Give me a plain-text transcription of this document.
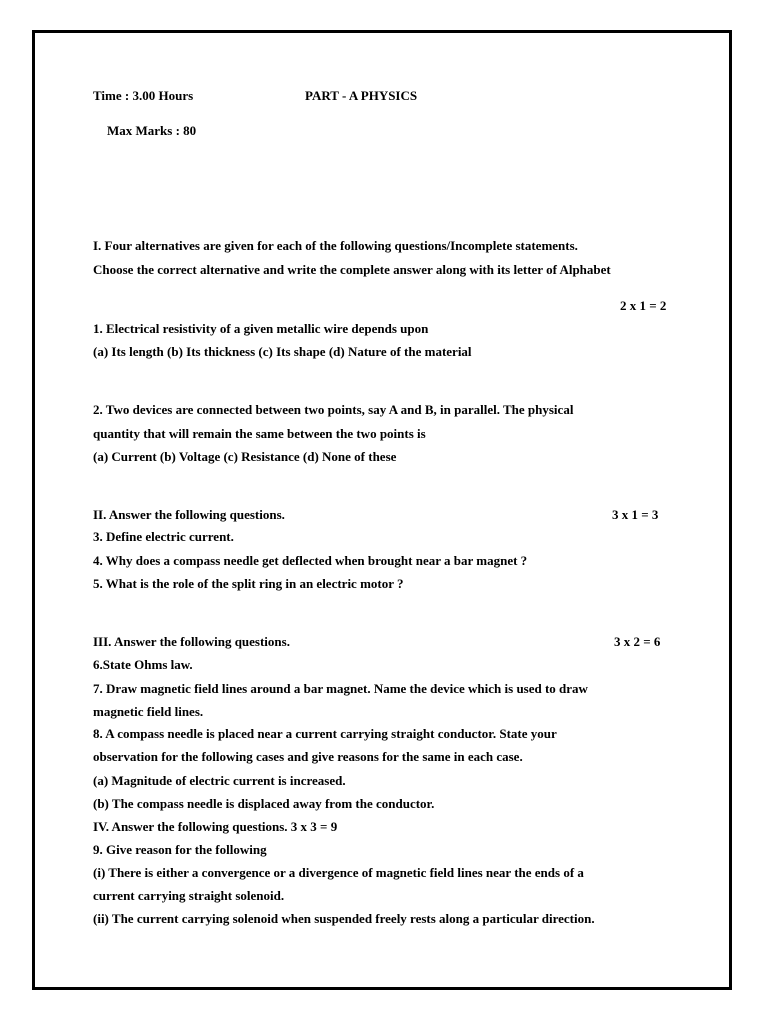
Time : 3.00 Hours	PART - A PHYSICS
Max Marks : 80
I. Four alternatives are given for each of the following questions/Incomplete statements.
Choose the correct alternative and write the complete answer along with its letter of Alphabet
2 x 1 = 2
1. Electrical resistivity of a given metallic wire depends upon
(a) Its length (b) Its thickness (c) Its shape (d) Nature of the material
2. Two devices are connected between two points, say A and B, in parallel. The physical
quantity that will remain the same between the two points is
(a) Current (b) Voltage (c) Resistance (d) None of these
II. Answer the following questions.	3 x 1 = 3
3. Define electric current.
4. Why does a compass needle get deflected when brought near a bar magnet ?
5. What is the role of the split ring in an electric motor ?
III. Answer the following questions.	3 x 2 = 6
6.State Ohms law.
7. Draw magnetic field lines around a bar magnet. Name the device which is used to draw
magnetic field lines.
8. A compass needle is placed near a current carrying straight conductor. State your
observation for the following cases and give reasons for the same in each case.
(a) Magnitude of electric current is increased.
(b) The compass needle is displaced away from the conductor.
IV. Answer the following questions. 3 x 3 = 9
9. Give reason for the following
(i) There is either a convergence or a divergence of magnetic field lines near the ends of a
current carrying straight solenoid.
(ii) The current carrying solenoid when suspended freely rests along a particular direction.
